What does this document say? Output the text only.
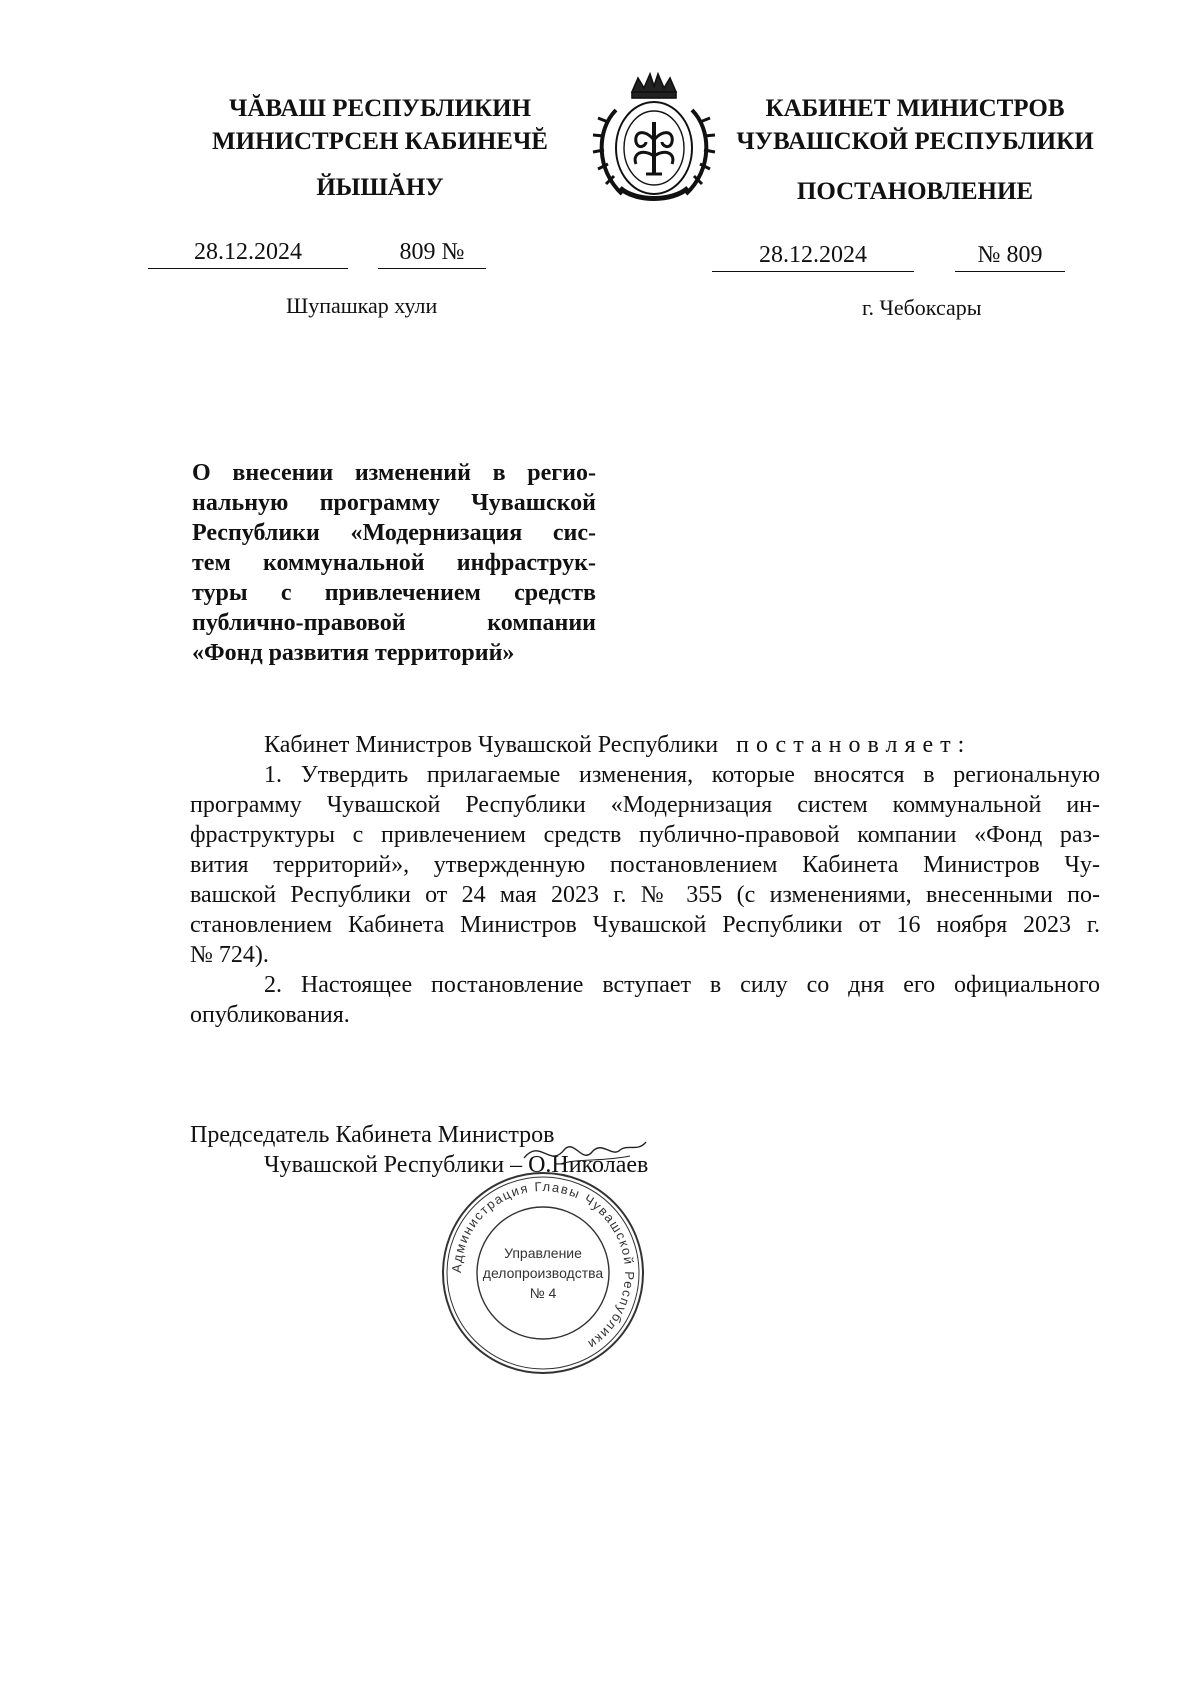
ЧĂВАШ РЕСПУБЛИКИН
МИНИСТРСЕН КАБИНЕЧĔ
ЙЫШĂНУ
КАБИНЕТ МИНИСТРОВ
ЧУВАШСКОЙ РЕСПУБЛИКИ
ПОСТАНОВЛЕНИЕ
28.12.2024	809 №	28.12.2024	№ 809
Шупашкар хули	г. Чебоксары
О внесении изменений в регио-
нальную программу Чувашской
Республики «Модернизация сис-
тем коммунальной инфраструк-
туры с привлечением средств
публично-правовой компании
«Фонд развития территорий»
Кабинет Министров Чувашской Республики постановляет:
1. Утвердить прилагаемые изменения, которые вносятся в региональную
программу Чувашской Республики «Модернизация систем коммунальной ин-
фраструктуры с привлечением средств публично-правовой компании «Фонд раз-
вития территорий», утвержденную постановлением Кабинета Министров Чу-
вашской Республики от 24 мая 2023 г. № 355 (с изменениями, внесенными по-
становлением Кабинета Министров Чувашской Республики от 16 ноября 2023 г.
№ 724).
2. Настоящее постановление вступает в силу со дня его официального
опубликования.
Председатель Кабинета Министров
Чувашской Республики – О.Николаев
Администрация Главы Чувашской Республики
Управление
делопроизводства
№ 4
